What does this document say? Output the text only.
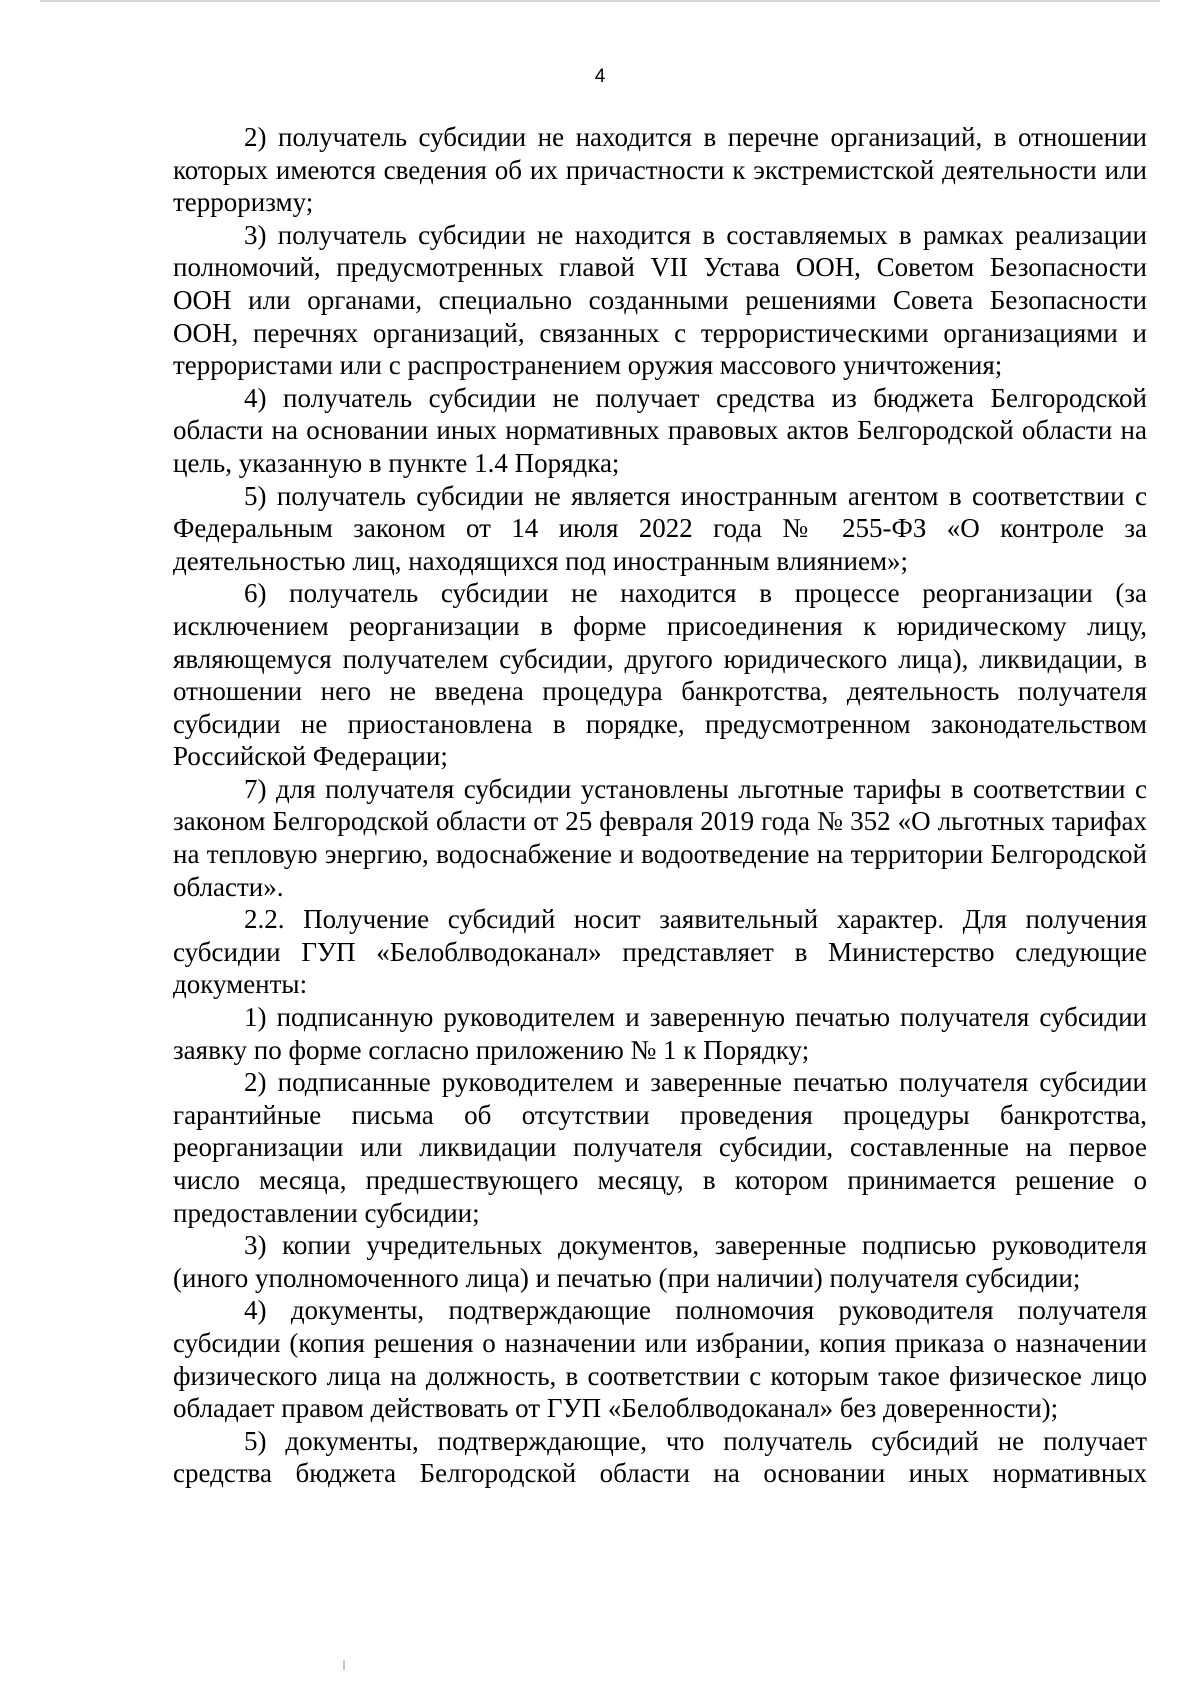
4

2) получатель субсидии не находится в перечне организаций, в отношении которых имеются сведения об их причастности к экстремистской деятельности или терроризму;

3) получатель субсидии не находится в составляемых в рамках реализации полномочий, предусмотренных главой VII Устава ООН, Советом Безопасности ООН или органами, специально созданными решениями Совета Безопасности ООН, перечнях организаций, связанных с террористическими организациями и террористами или с распространением оружия массового уничтожения;

4) получатель субсидии не получает средства из бюджета Белгородской области на основании иных нормативных правовых актов Белгородской области на цель, указанную в пункте 1.4 Порядка;

5) получатель субсидии не является иностранным агентом в соответствии с Федеральным законом от 14 июля 2022 года № 255-ФЗ «О контроле за деятельностью лиц, находящихся под иностранным влиянием»;

6) получатель субсидии не находится в процессе реорганизации (за исключением реорганизации в форме присоединения к юридическому лицу, являющемуся получателем субсидии, другого юридического лица), ликвидации, в отношении него не введена процедура банкротства, деятельность получателя субсидии не приостановлена в порядке, предусмотренном законодательством Российской Федерации;

7) для получателя субсидии установлены льготные тарифы в соответствии с законом Белгородской области от 25 февраля 2019 года № 352 «О льготных тарифах на тепловую энергию, водоснабжение и водоотведение на территории Белгородской области».

2.2. Получение субсидий носит заявительный характер. Для получения субсидии ГУП «Белоблводоканал» представляет в Министерство следующие документы:

1) подписанную руководителем и заверенную печатью получателя субсидии заявку по форме согласно приложению № 1 к Порядку;

2) подписанные руководителем и заверенные печатью получателя субсидии гарантийные письма об отсутствии проведения процедуры банкротства, реорганизации или ликвидации получателя субсидии, составленные на первое число месяца, предшествующего месяцу, в котором принимается решение о предоставлении субсидии;

3) копии учредительных документов, заверенные подписью руководителя (иного уполномоченного лица) и печатью (при наличии) получателя субсидии;

4) документы, подтверждающие полномочия руководителя получателя субсидии (копия решения о назначении или избрании, копия приказа о назначении физического лица на должность, в соответствии с которым такое физическое лицо обладает правом действовать от ГУП «Белоблводоканал» без доверенности);

5) документы, подтверждающие, что получатель субсидий не получает средства бюджета Белгородской области на основании иных нормативных
